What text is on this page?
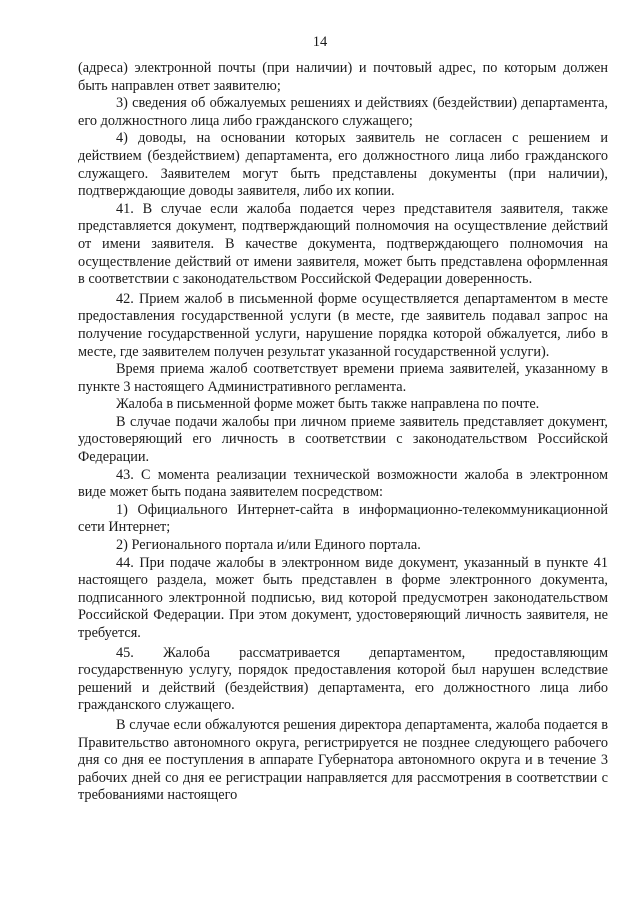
14

(адреса) электронной почты (при наличии) и почтовый адрес, по которым должен быть направлен ответ заявителю;

3) сведения об обжалуемых решениях и действиях (бездействии) департамента, его должностного лица либо гражданского служащего;

4) доводы, на основании которых заявитель не согласен с решением и действием (бездействием) департамента, его должностного лица либо гражданского служащего. Заявителем могут быть представлены документы (при наличии), подтверждающие доводы заявителя, либо их копии.

41. В случае если жалоба подается через представителя заявителя, также представляется документ, подтверждающий полномочия на осуществление действий от имени заявителя. В качестве документа, подтверждающего полномочия на осуществление действий от имени заявителя, может быть представлена оформленная в соответствии с законодательством Российской Федерации доверенность.

42. Прием жалоб в письменной форме осуществляется департаментом в месте предоставления государственной услуги (в месте, где заявитель подавал запрос на получение государственной услуги, нарушение порядка которой обжалуется, либо в месте, где заявителем получен результат указанной государственной услуги).

Время приема жалоб соответствует времени приема заявителей, указанному в пункте 3 настоящего Административного регламента.

Жалоба в письменной форме может быть также направлена по почте.

В случае подачи жалобы при личном приеме заявитель представляет документ, удостоверяющий его личность в соответствии с законодательством Российской Федерации.

43. С момента реализации технической возможности жалоба в электронном виде может быть подана заявителем посредством:

1) Официального Интернет-сайта в информационно-телекоммуникационной сети Интернет;

2) Регионального портала и/или Единого портала.

44. При подаче жалобы в электронном виде документ, указанный в пункте 41 настоящего раздела, может быть представлен в форме электронного документа, подписанного электронной подписью, вид которой предусмотрен законодательством Российской Федерации. При этом документ, удостоверяющий личность заявителя, не требуется.

45. Жалоба рассматривается департаментом, предоставляющим государственную услугу, порядок предоставления которой был нарушен вследствие решений и действий (бездействия) департамента, его должностного лица либо гражданского служащего.

В случае если обжалуются решения директора департамента, жалоба подается в Правительство автономного округа, регистрируется не позднее следующего рабочего дня со дня ее поступления в аппарате Губернатора автономного округа и в течение 3 рабочих дней со дня ее регистрации направляется для рассмотрения в соответствии с требованиями настоящего
